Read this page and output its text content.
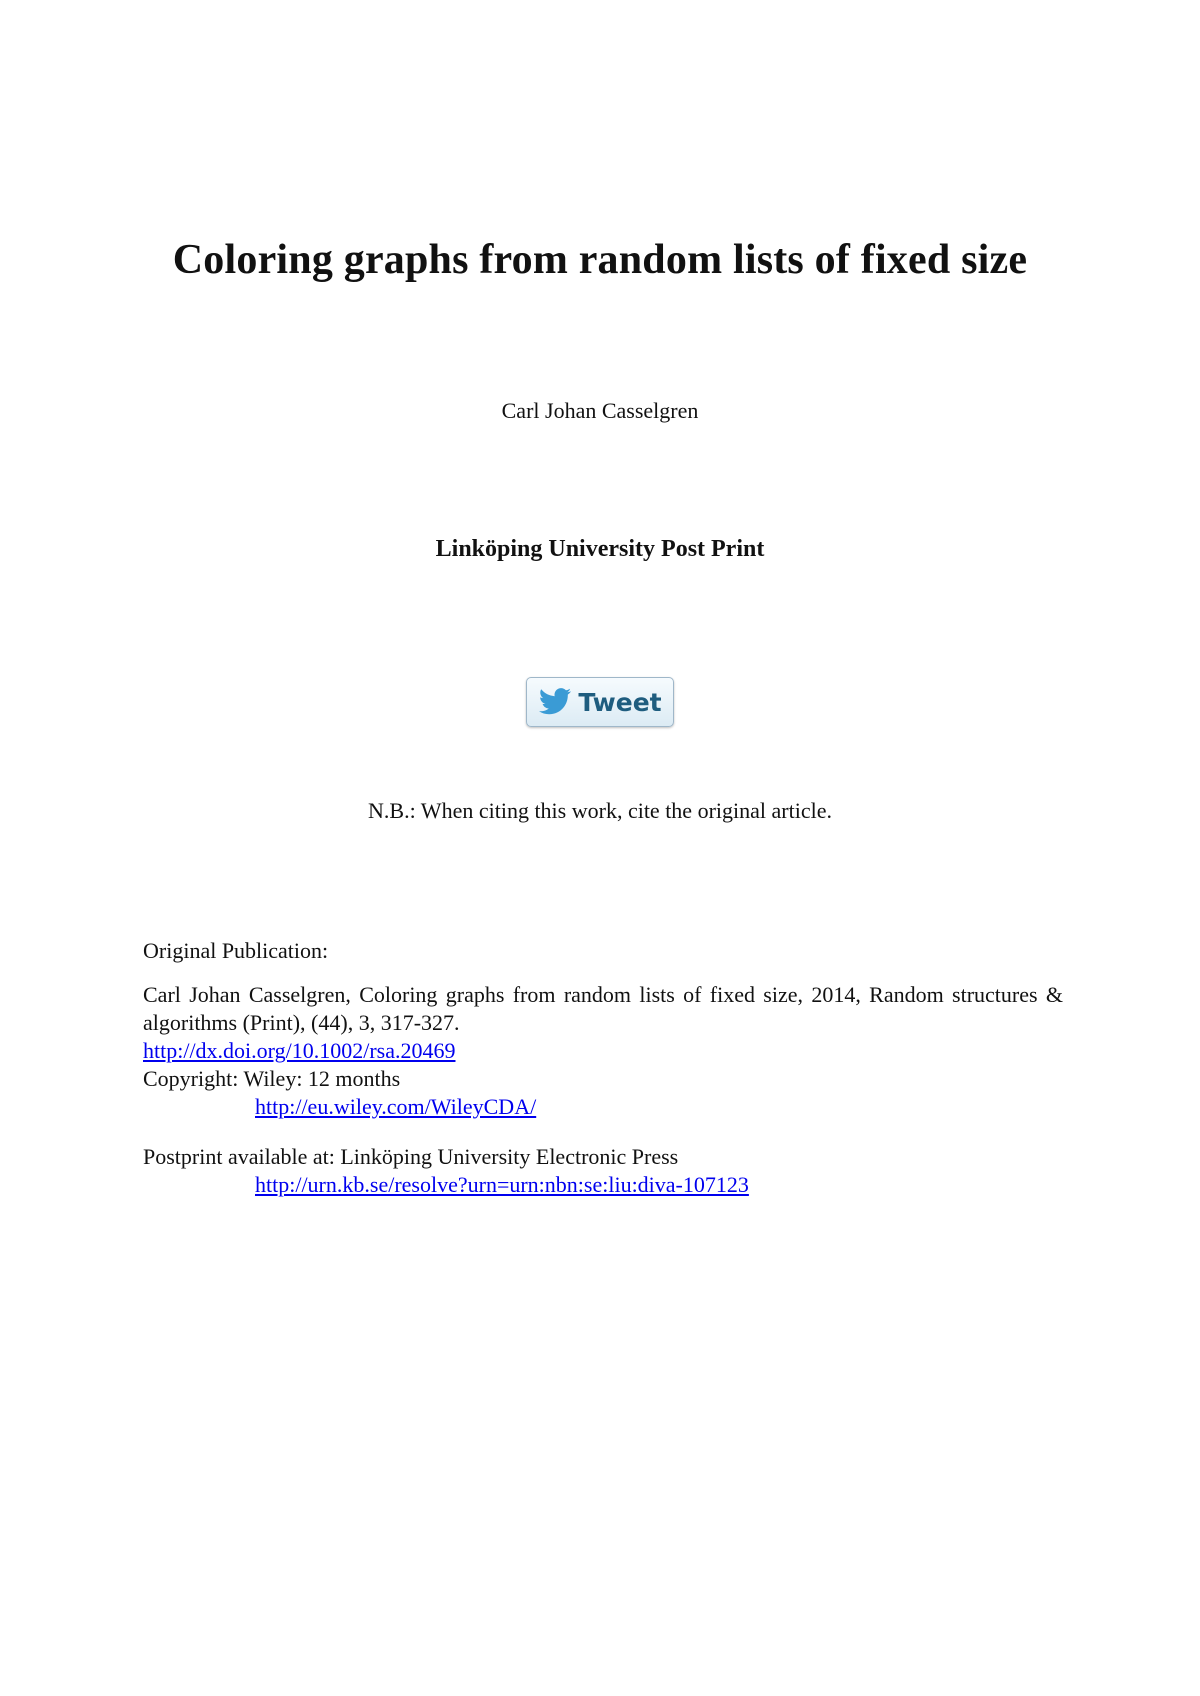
Coloring graphs from random lists of fixed size
Carl Johan Casselgren
Linköping University Post Print
Tweet
N.B.: When citing this work, cite the original article.

Original Publication:

Carl Johan Casselgren, Coloring graphs from random lists of fixed size, 2014, Random structures & algorithms (Print), (44), 3, 317-327.

http://dx.doi.org/10.1002/rsa.20469

Copyright: Wiley: 12 months

http://eu.wiley.com/WileyCDA/

Postprint available at: Linköping University Electronic Press

http://urn.kb.se/resolve?urn=urn:nbn:se:liu:diva-107123
